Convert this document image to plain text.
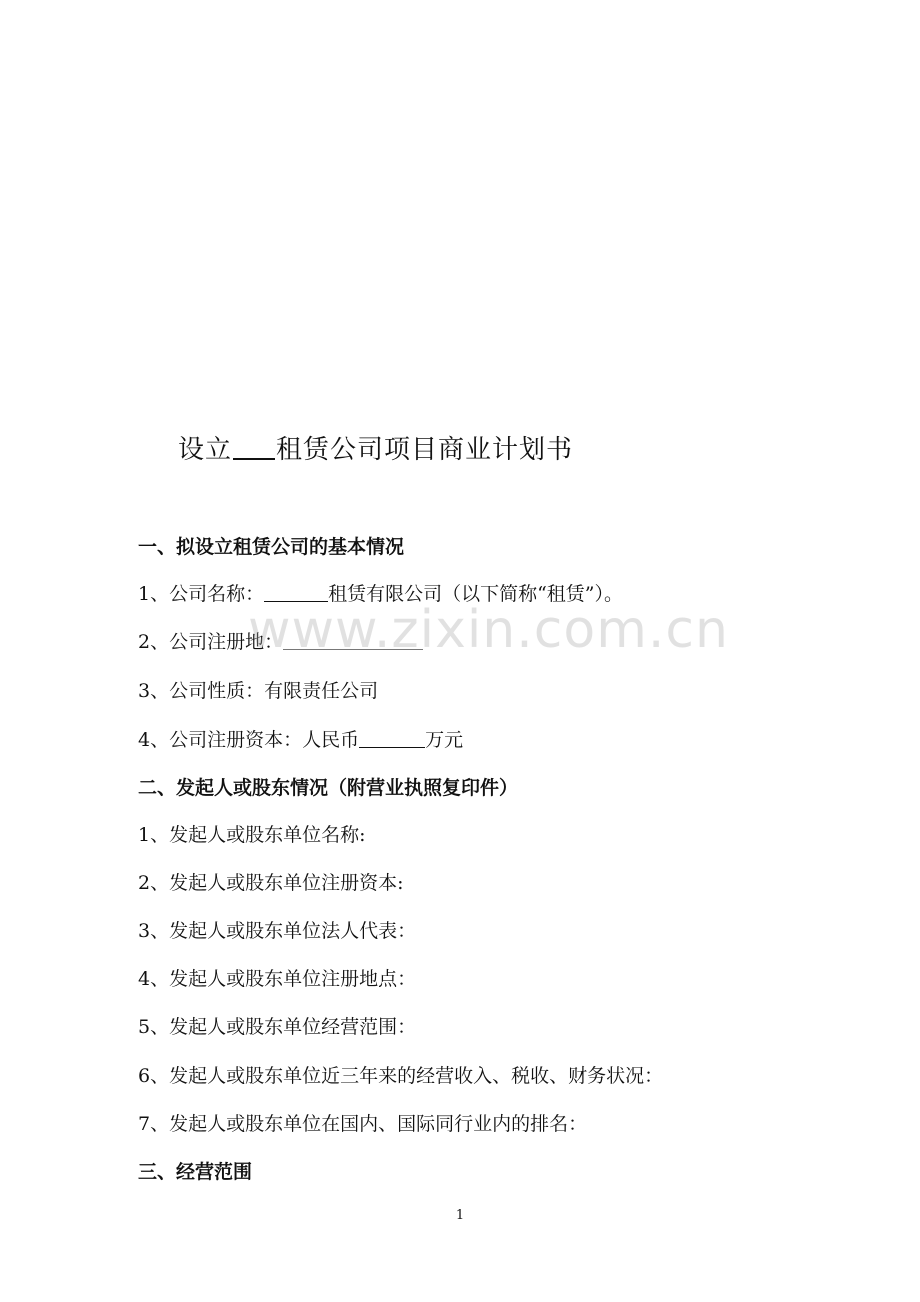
设立 租赁公司项目商业计划书
一、拟设立租赁公司的基本情况
1、公司名称：	租赁有限公司（以下简称“租赁”）。
2、公司注册地：
3、公司性质：有限责任公司
4、公司注册资本：人民币	万元
二、发起人或股东情况（附营业执照复印件）
1、发起人或股东单位名称:
2、发起人或股东单位注册资本:
3、发起人或股东单位法人代表：
4、发起人或股东单位注册地点：
5、发起人或股东单位经营范围：
6、发起人或股东单位近三年来的经营收入、税收、财务状况：
7、发起人或股东单位在国内、国际同行业内的排名：
三、经营范围
www.zixin.com.cn
1
